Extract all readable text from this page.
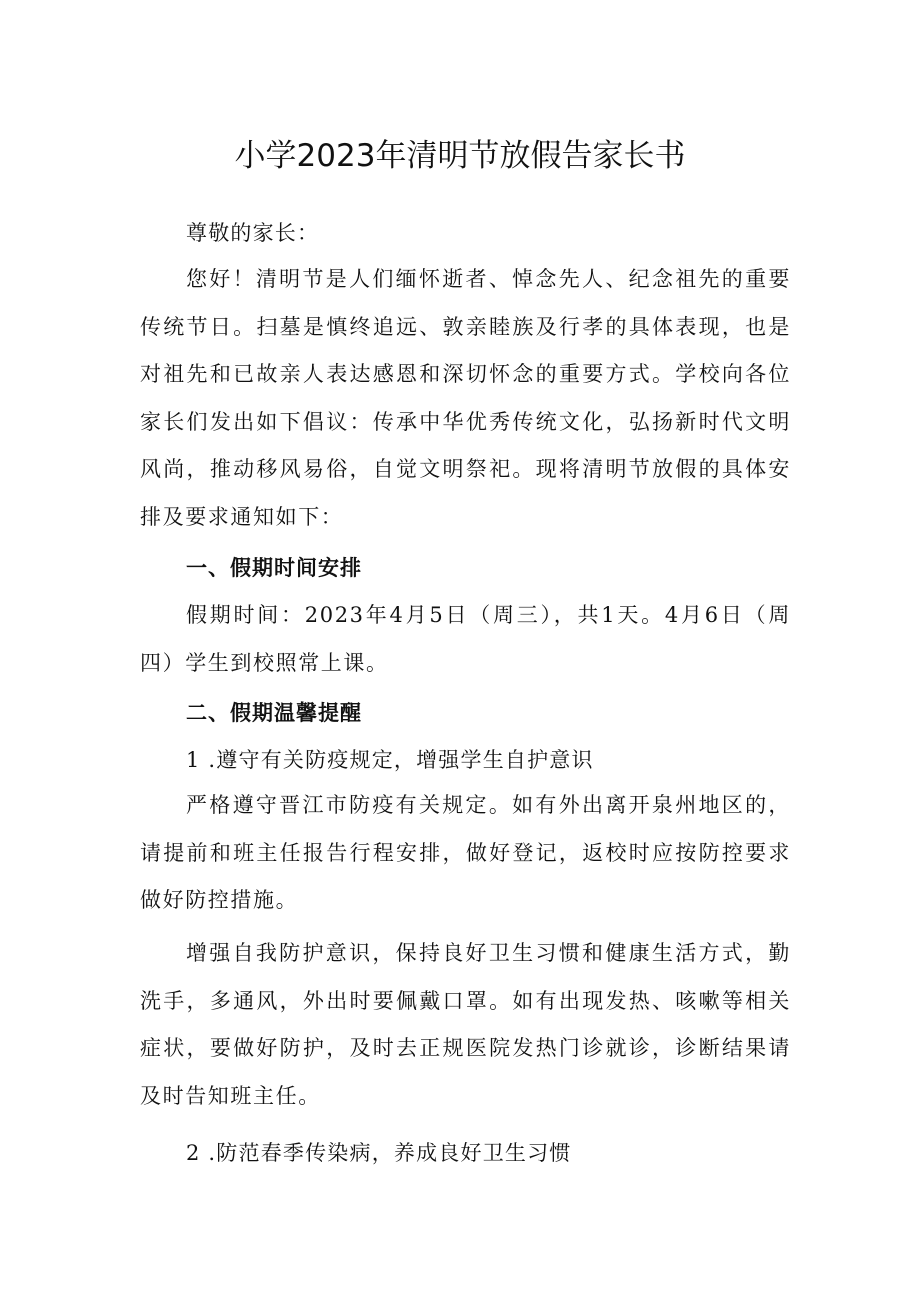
小学2023年清明节放假告家长书

尊敬的家长：

您好！清明节是人们缅怀逝者、悼念先人、纪念祖先的重要传统节日。扫墓是慎终追远、敦亲睦族及行孝的具体表现，也是对祖先和已故亲人表达感恩和深切怀念的重要方式。学校向各位家长们发出如下倡议：传承中华优秀传统文化，弘扬新时代文明风尚，推动移风易俗，自觉文明祭祀。现将清明节放假的具体安排及要求通知如下：

一、假期时间安排

假期时间：2023年4月5日（周三），共1天。4月6日（周四）学生到校照常上课。

二、假期温馨提醒

1 .遵守有关防疫规定，增强学生自护意识

严格遵守晋江市防疫有关规定。如有外出离开泉州地区的，请提前和班主任报告行程安排，做好登记，返校时应按防控要求做好防控措施。

增强自我防护意识，保持良好卫生习惯和健康生活方式，勤洗手，多通风，外出时要佩戴口罩。如有出现发热、咳嗽等相关症状，要做好防护，及时去正规医院发热门诊就诊，诊断结果请及时告知班主任。

2 .防范春季传染病，养成良好卫生习惯
